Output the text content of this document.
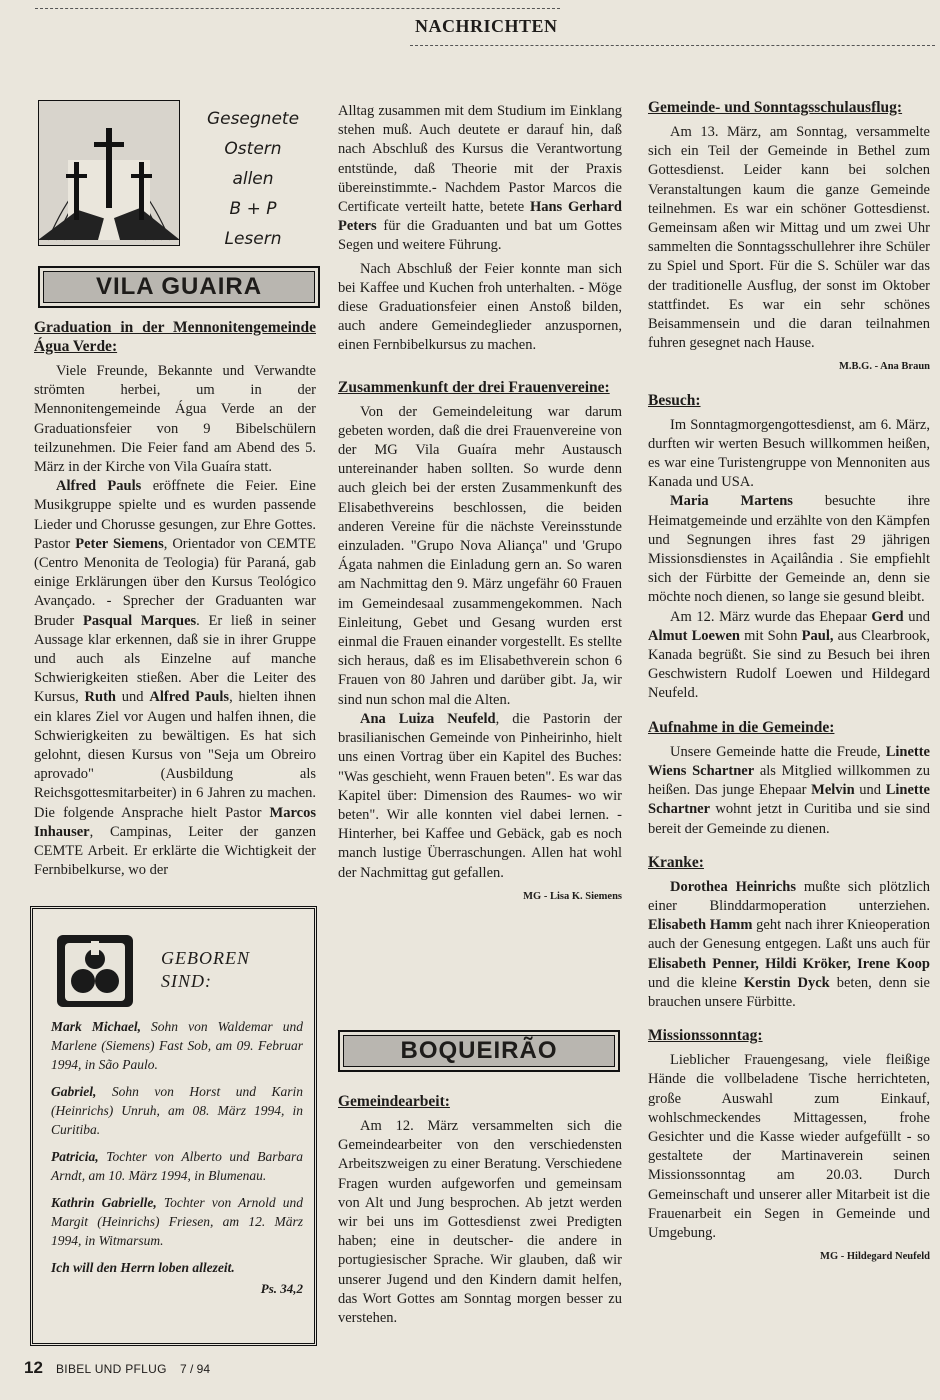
NACHRICHTEN
Gesegnete
Ostern
allen
B + P
Lesern
VILA GUAIRA
Graduation in der Mennonitengemeinde Água Verde:

Viele Freunde, Bekannte und Verwandte strömten herbei, um in der Mennonitengemeinde Água Verde an der Graduationsfeier von 9 Bibelschülern teilzunehmen. Die Feier fand am Abend des 5. März in der Kirche von Vila Guaíra statt.

Alfred Pauls eröffnete die Feier. Eine Musikgruppe spielte und es wurden passende Lieder und Chorusse gesungen, zur Ehre Gottes. Pastor Peter Siemens, Orientador von CEMTE (Centro Menonita de Teologia) für Paraná, gab einige Erklärungen über den Kursus Teológico Avançado. - Sprecher der Graduanten war Bruder Pasqual Marques. Er ließ in seiner Aussage klar erkennen, daß sie in ihrer Gruppe und auch als Einzelne auf manche Schwierigkeiten stießen. Aber die Leiter des Kursus, Ruth und Alfred Pauls, hielten ihnen ein klares Ziel vor Augen und halfen ihnen, die Schwierigkeiten zu bewältigen. Es hat sich gelohnt, diesen Kursus von "Seja um Obreiro aprovado" (Ausbildung als Reichsgottesmitarbeiter) in 6 Jahren zu machen. Die folgende Ansprache hielt Pastor Marcos Inhauser, Campinas, Leiter der ganzen CEMTE Arbeit. Er erklärte die Wichtigkeit der Fernbibelkurse, wo der

GEBOREN
SIND:

Mark Michael, Sohn von Waldemar und Marlene (Siemens) Fast Sob, am 09. Februar 1994, in São Paulo.

Gabriel, Sohn von Horst und Karin (Heinrichs) Unruh, am 08. März 1994, in Curitiba.

Patricia, Tochter von Alberto und Barbara Arndt, am 10. März 1994, in Blumenau.

Kathrin Gabrielle, Tochter von Arnold und Margit (Heinrichs) Friesen, am 12. März 1994, in Witmarsum.

Ich will den Herrn loben allezeit.

Ps. 34,2

Alltag zusammen mit dem Studium im Einklang stehen muß. Auch deutete er darauf hin, daß nach Abschluß des Kursus die Verantwortung entstünde, daß Theorie mit der Praxis übereinstimmte.- Nachdem Pastor Marcos die Certificate verteilt hatte, betete Hans Gerhard Peters für die Graduanten und bat um Gottes Segen und weitere Führung.

Nach Abschluß der Feier konnte man sich bei Kaffee und Kuchen froh unterhalten. - Möge diese Graduationsfeier einen Anstoß bilden, auch andere Gemeindeglieder anzuspornen, einen Fernbibelkursus zu machen.

Zusammenkunft der drei Frauenvereine:

Von der Gemeindeleitung war darum gebeten worden, daß die drei Frauenvereine von der MG Vila Guaíra mehr Austausch untereinander haben sollten. So wurde denn auch gleich bei der ersten Zusammenkunft des Elisabethvereins beschlossen, die beiden anderen Vereine für die nächste Vereinsstunde einzuladen. "Grupo Nova Aliança" und 'Grupo Ágata nahmen die Einladung gern an. So waren am Nachmittag den 9. März ungefähr 60 Frauen im Gemeindesaal zusammengekommen. Nach Einleitung, Gebet und Gesang wurden erst einmal die Frauen einander vorgestellt. Es stellte sich heraus, daß es im Elisabethverein schon 6 Frauen von 80 Jahren und darüber gibt. Ja, wir sind nun schon mal die Alten.

Ana Luiza Neufeld, die Pastorin der brasilianischen Gemeinde von Pinheirinho, hielt uns einen Vortrag über ein Kapitel des Buches: "Was geschieht, wenn Frauen beten". Es war das Kapitel über: Dimension des Raumes- wo wir beten". Wir alle konnten viel dabei lernen. - Hinterher, bei Kaffee und Gebäck, gab es noch manch lustige Überraschungen. Allen hat wohl der Nachmittag gut gefallen.

MG - Lisa K. Siemens
BOQUEIRÃO
Gemeindearbeit:

Am 12. März versammelten sich die Gemeindearbeiter von den verschiedensten Arbeitszweigen zu einer Beratung. Verschiedene Fragen wurden aufgeworfen und gemeinsam von Alt und Jung besprochen. Ab jetzt werden wir bei uns im Gottesdienst zwei Predigten haben; eine in deutscher- die andere in portugiesischer Sprache. Wir glauben, daß wir unserer Jugend und den Kindern damit helfen, das Wort Gottes am Sonntag morgen besser zu verstehen.

Gemeinde- und Sonntagsschulausflug:

Am 13. März, am Sonntag, versammelte sich ein Teil der Gemeinde in Bethel zum Gottesdienst. Leider kann bei solchen Veranstaltungen kaum die ganze Gemeinde teilnehmen. Es war ein schöner Gottesdienst. Gemeinsam aßen wir Mittag und um zwei Uhr sammelten die Sonntagsschullehrer ihre Schüler zu Spiel und Sport. Für die S. Schüler war das der traditionelle Ausflug, der sonst im Oktober stattfindet. Es war ein sehr schönes Beisammensein und die daran teilnahmen fuhren gesegnet nach Hause.

M.B.G. - Ana Braun
Besuch:

Im Sonntagmorgengottesdienst, am 6. März, durften wir werten Besuch willkommen heißen, es war eine Turistengruppe von Mennoniten aus Kanada und USA.

Maria Martens besuchte ihre Heimatgemeinde und erzählte von den Kämpfen und Segnungen ihres fast 29 jährigen Missionsdienstes in Açailândia . Sie empfiehlt sich der Fürbitte der Gemeinde an, denn sie möchte noch dienen, so lange sie gesund bleibt.

Am 12. März wurde das Ehepaar Gerd und Almut Loewen mit Sohn Paul, aus Clearbrook, Kanada begrüßt. Sie sind zu Besuch bei ihren Geschwistern Rudolf Loewen und Hildegard Neufeld.

Aufnahme in die Gemeinde:

Unsere Gemeinde hatte die Freude, Linette Wiens Schartner als Mitglied willkommen zu heißen. Das junge Ehepaar Melvin und Linette Schartner wohnt jetzt in Curitiba und sie sind bereit der Gemeinde zu dienen.

Kranke:

Dorothea Heinrichs mußte sich plötzlich einer Blinddarmoperation unterziehen. Elisabeth Hamm geht nach ihrer Knieoperation auch der Genesung entgegen. Laßt uns auch für Elisabeth Penner, Hildi Kröker, Irene Koop und die kleine Kerstin Dyck beten, denn sie brauchen unsere Fürbitte.

Missionssonntag:

Lieblicher Frauengesang, viele fleißige Hände die vollbeladene Tische herrichteten, große Auswahl zum Einkauf, wohlschmeckendes Mittagessen, frohe Gesichter und die Kasse wieder aufgefüllt - so gestaltete der Martinaverein seinen Missionssonntag am 20.03. Durch Gemeinschaft und unserer aller Mitarbeit ist die Frauenarbeit ein Segen in Gemeinde und Umgebung.

MG - Hildegard Neufeld
12 BIBEL UND PFLUG 7 / 94
